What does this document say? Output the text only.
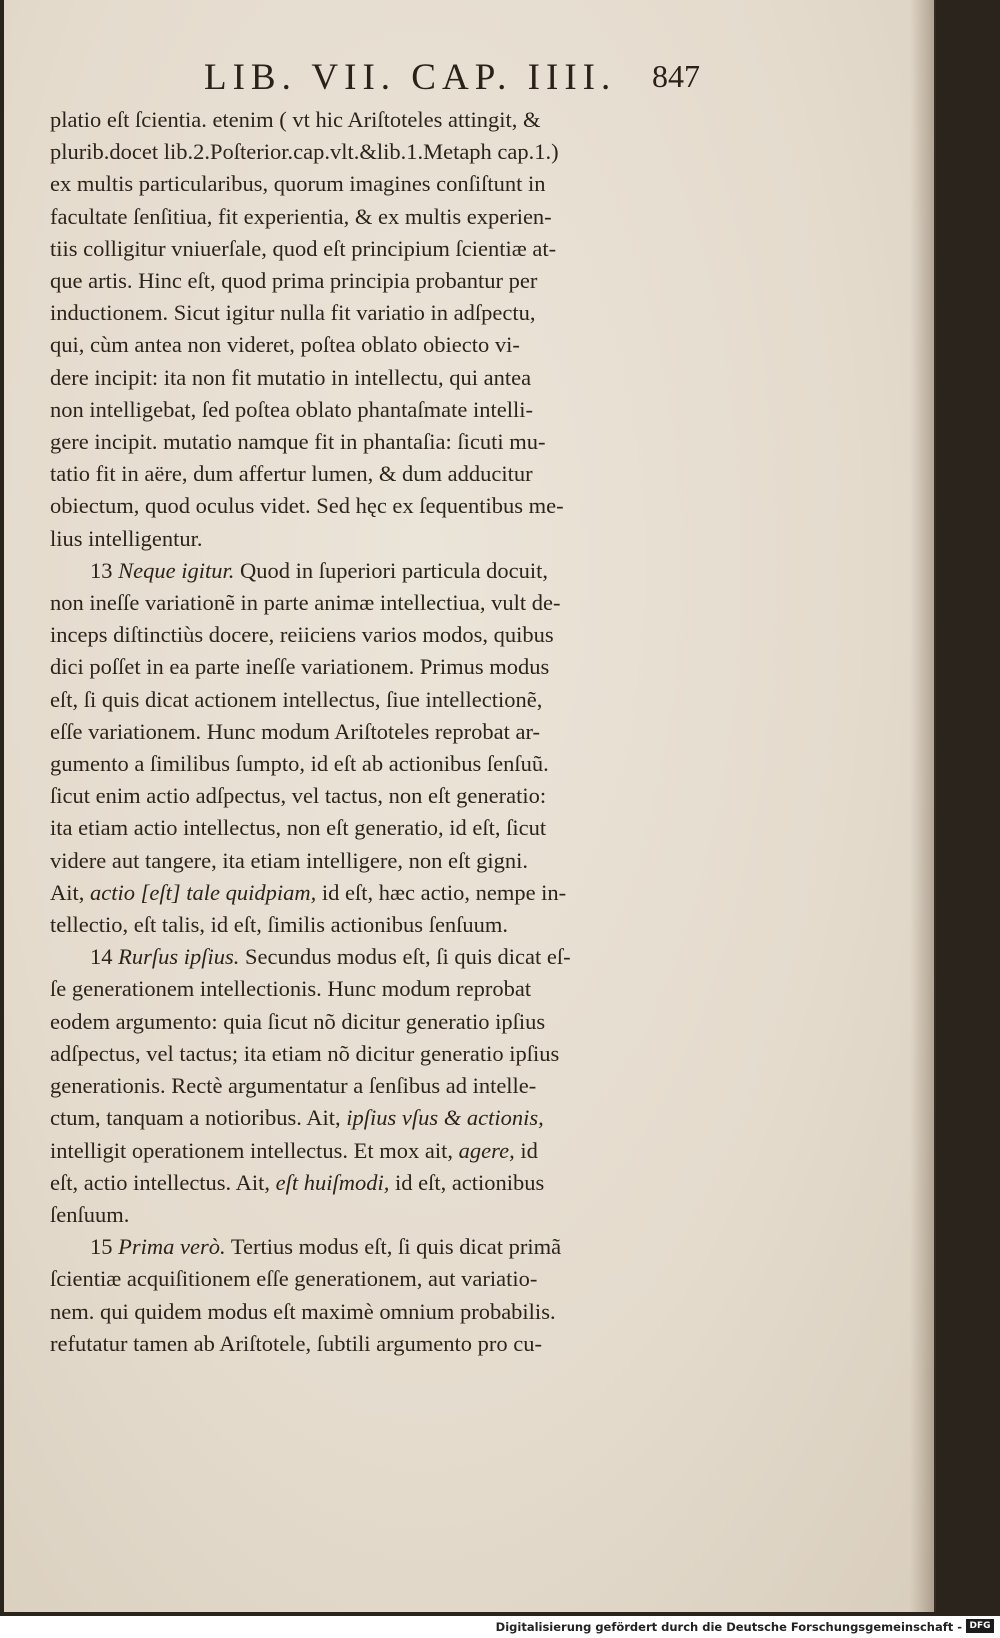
LIB. VII. CAP. IIII. 847
platio eſt ſcientia. etenim ( vt hic Ariſtoteles attingit, &
plurib.docet lib.2.Poſterior.cap.vlt.&lib.1.Metaph cap.1.)
ex multis particularibus, quorum imagines conſiſtunt in
facultate ſenſitiua, fit experientia, & ex multis experien-
tiis colligitur vniuerſale, quod eſt principium ſcientiæ at-
que artis. Hinc eſt, quod prima principia probantur per
inductionem. Sicut igitur nulla fit variatio in adſpectu,
qui, cùm antea non videret, poſtea oblato obiecto vi-
dere incipit: ita non fit mutatio in intellectu, qui antea
non intelligebat, ſed poſtea oblato phantaſmate intelli-
gere incipit. mutatio namque fit in phantaſia: ſicuti mu-
tatio fit in aëre, dum affertur lumen, & dum adducitur
obiectum, quod oculus videt. Sed hęc ex ſequentibus me-
lius intelligentur.
13 Neque igitur. Quod in ſuperiori particula docuit,
non ineſſe variationẽ in parte animæ intellectiua, vult de-
inceps diſtinctiùs docere, reiiciens varios modos, quibus
dici poſſet in ea parte ineſſe variationem. Primus modus
eſt, ſi quis dicat actionem intellectus, ſiue intellectionẽ,
eſſe variationem. Hunc modum Ariſtoteles reprobat ar-
gumento a ſimilibus ſumpto, id eſt ab actionibus ſenſuũ.
ſicut enim actio adſpectus, vel tactus, non eſt generatio:
ita etiam actio intellectus, non eſt generatio, id eſt, ſicut
videre aut tangere, ita etiam intelligere, non eſt gigni.
Ait, actio [eſt] tale quidpiam, id eſt, hæc actio, nempe in-
tellectio, eſt talis, id eſt, ſimilis actionibus ſenſuum.
14 Rurſus ipſius. Secundus modus eſt, ſi quis dicat eſ-
ſe generationem intellectionis. Hunc modum reprobat
eodem argumento: quia ſicut nõ dicitur generatio ipſius
adſpectus, vel tactus; ita etiam nõ dicitur generatio ipſius
generationis. Rectè argumentatur a ſenſibus ad intelle-
ctum, tanquam a notioribus. Ait, ipſius vſus & actionis,
intelligit operationem intellectus. Et mox ait, agere, id
eſt, actio intellectus. Ait, eſt huiſmodi, id eſt, actionibus
ſenſuum.
15 Prima verò. Tertius modus eſt, ſi quis dicat primã
ſcientiæ acquiſitionem eſſe generationem, aut variatio-
nem. qui quidem modus eſt maximè omnium probabilis.
refutatur tamen ab Ariſtotele, ſubtili argumento pro cu-
Digitalisierung gefördert durch die Deutsche Forschungsgemeinschaft - DFG
